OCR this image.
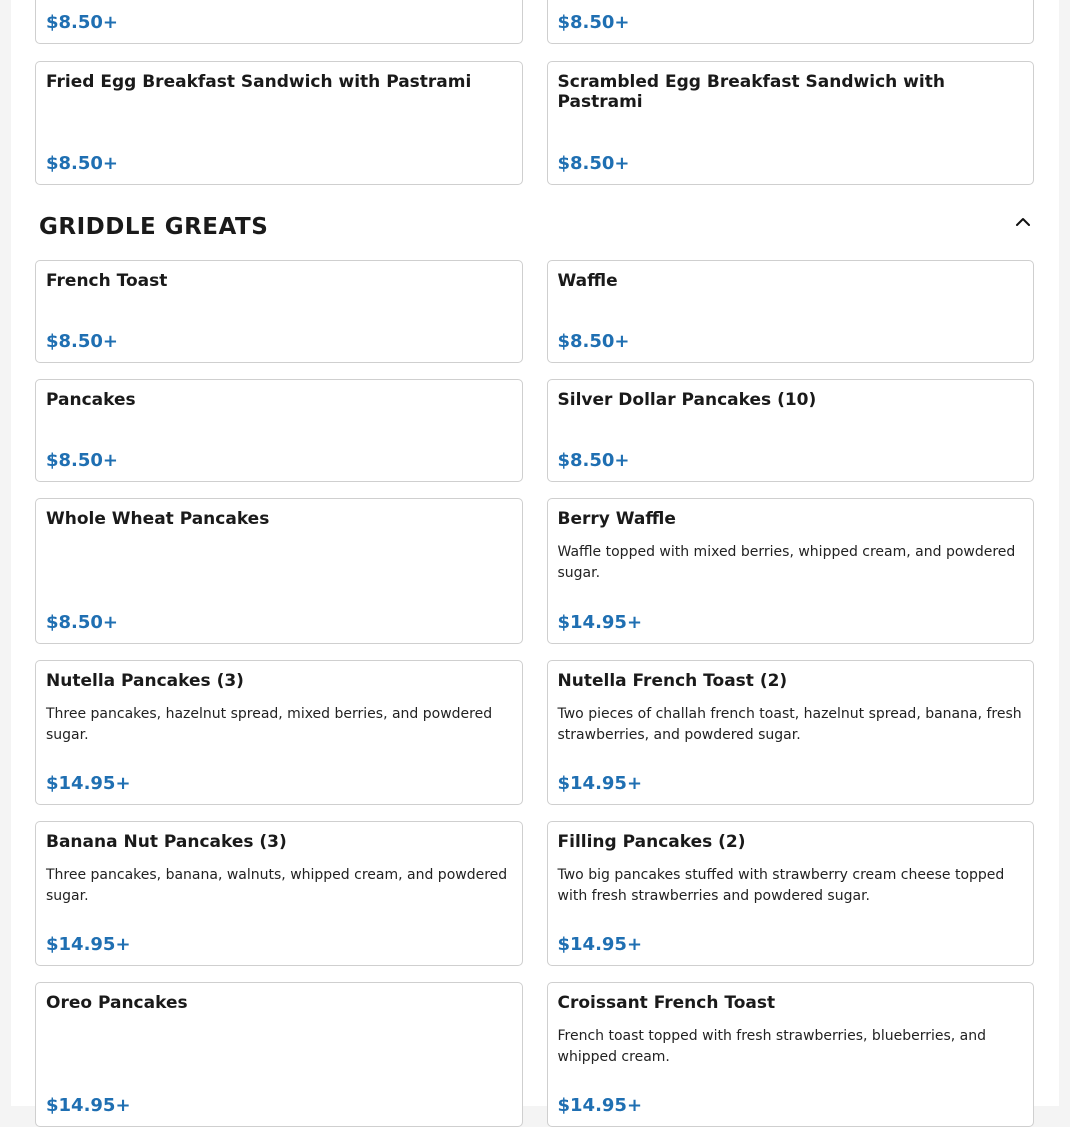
$8.50+	$8.50+

Fried Egg Breakfast Sandwich with Pastrami

$8.50+

Scrambled Egg Breakfast Sandwich with Pastrami

$8.50+
GRIDDLE GREATS

French Toast

$8.50+

Waffle

$8.50+

Pancakes

$8.50+

Silver Dollar Pancakes (10)

$8.50+

Whole Wheat Pancakes

$8.50+

Berry Waffle

Waffle topped with mixed berries, whipped cream, and powdered sugar.
$14.95+

Nutella Pancakes (3)

Three pancakes, hazelnut spread, mixed berries, and powdered sugar.
$14.95+

Nutella French Toast (2)

Two pieces of challah french toast, hazelnut spread, banana, fresh strawberries, and powdered sugar.
$14.95+

Banana Nut Pancakes (3)

Three pancakes, banana, walnuts, whipped cream, and powdered sugar.
$14.95+

Filling Pancakes (2)

Two big pancakes stuffed with strawberry cream cheese topped with fresh strawberries and powdered sugar.
$14.95+

Oreo Pancakes

$14.95+

Croissant French Toast

French toast topped with fresh strawberries, blueberries, and whipped cream.
$14.95+
